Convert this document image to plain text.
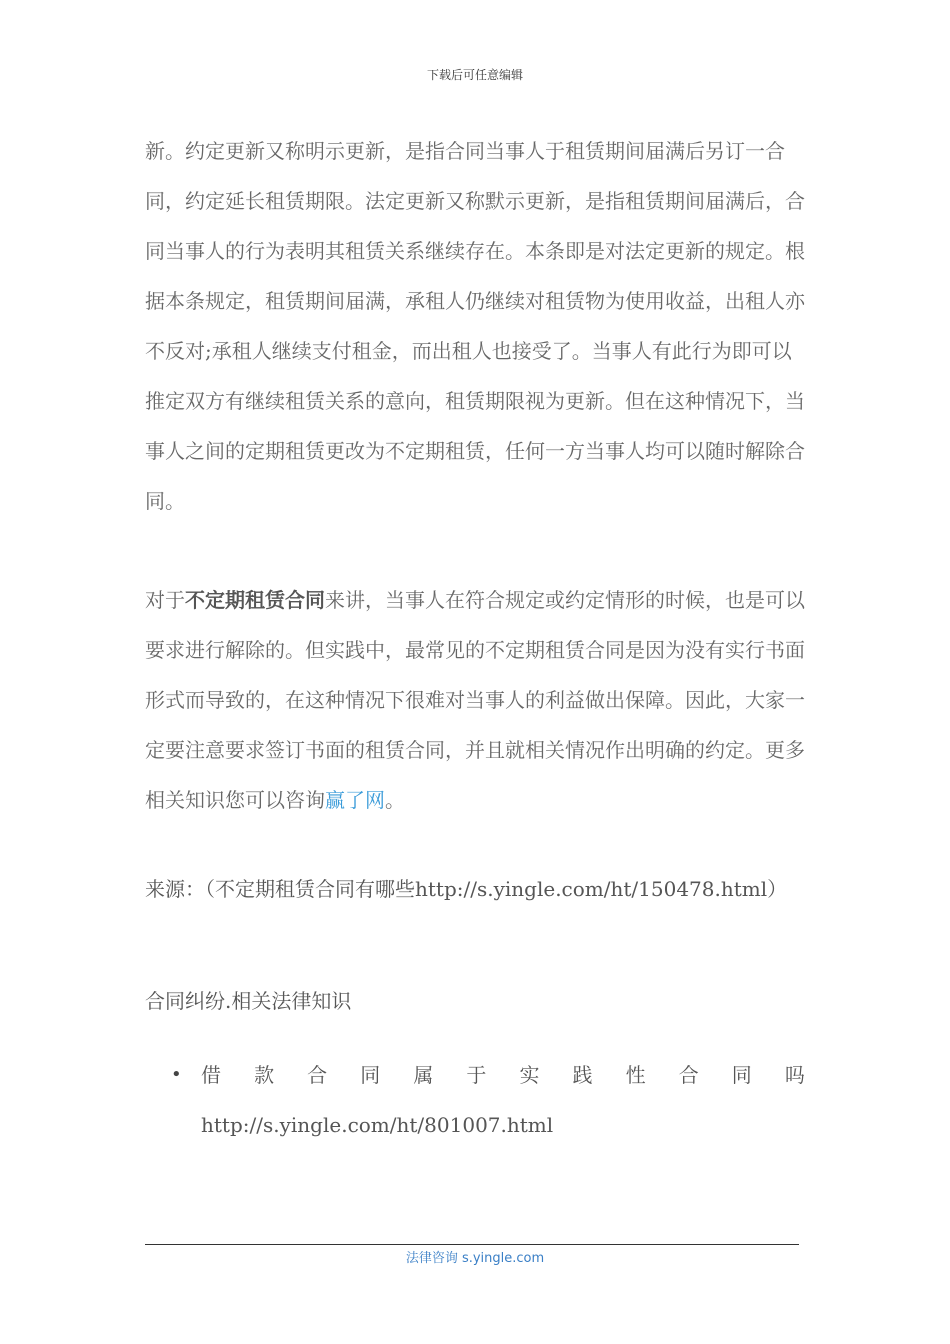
下载后可任意编辑

新。约定更新又称明示更新，是指合同当事人于租赁期间届满后另订一合同，约定延长租赁期限。法定更新又称默示更新，是指租赁期间届满后，合同当事人的行为表明其租赁关系继续存在。本条即是对法定更新的规定。根据本条规定，租赁期间届满，承租人仍继续对租赁物为使用收益，出租人亦不反对;承租人继续支付租金，而出租人也接受了。当事人有此行为即可以推定双方有继续租赁关系的意向，租赁期限视为更新。但在这种情况下，当事人之间的定期租赁更改为不定期租赁，任何一方当事人均可以随时解除合同。

对于不定期租赁合同来讲，当事人在符合规定或约定情形的时候，也是可以要求进行解除的。但实践中，最常见的不定期租赁合同是因为没有实行书面形式而导致的，在这种情况下很难对当事人的利益做出保障。因此，大家一定要注意要求签订书面的租赁合同，并且就相关情况作出明确的约定。更多相关知识您可以咨询赢了网。

来源：（不定期租赁合同有哪些http://s.yingle.com/ht/150478.html）

合同纠纷.相关法律知识

• 借 款 合 同 属 于 实 践 性 合 同 吗
http://s.yingle.com/ht/801007.html
法律咨询 s.yingle.com
